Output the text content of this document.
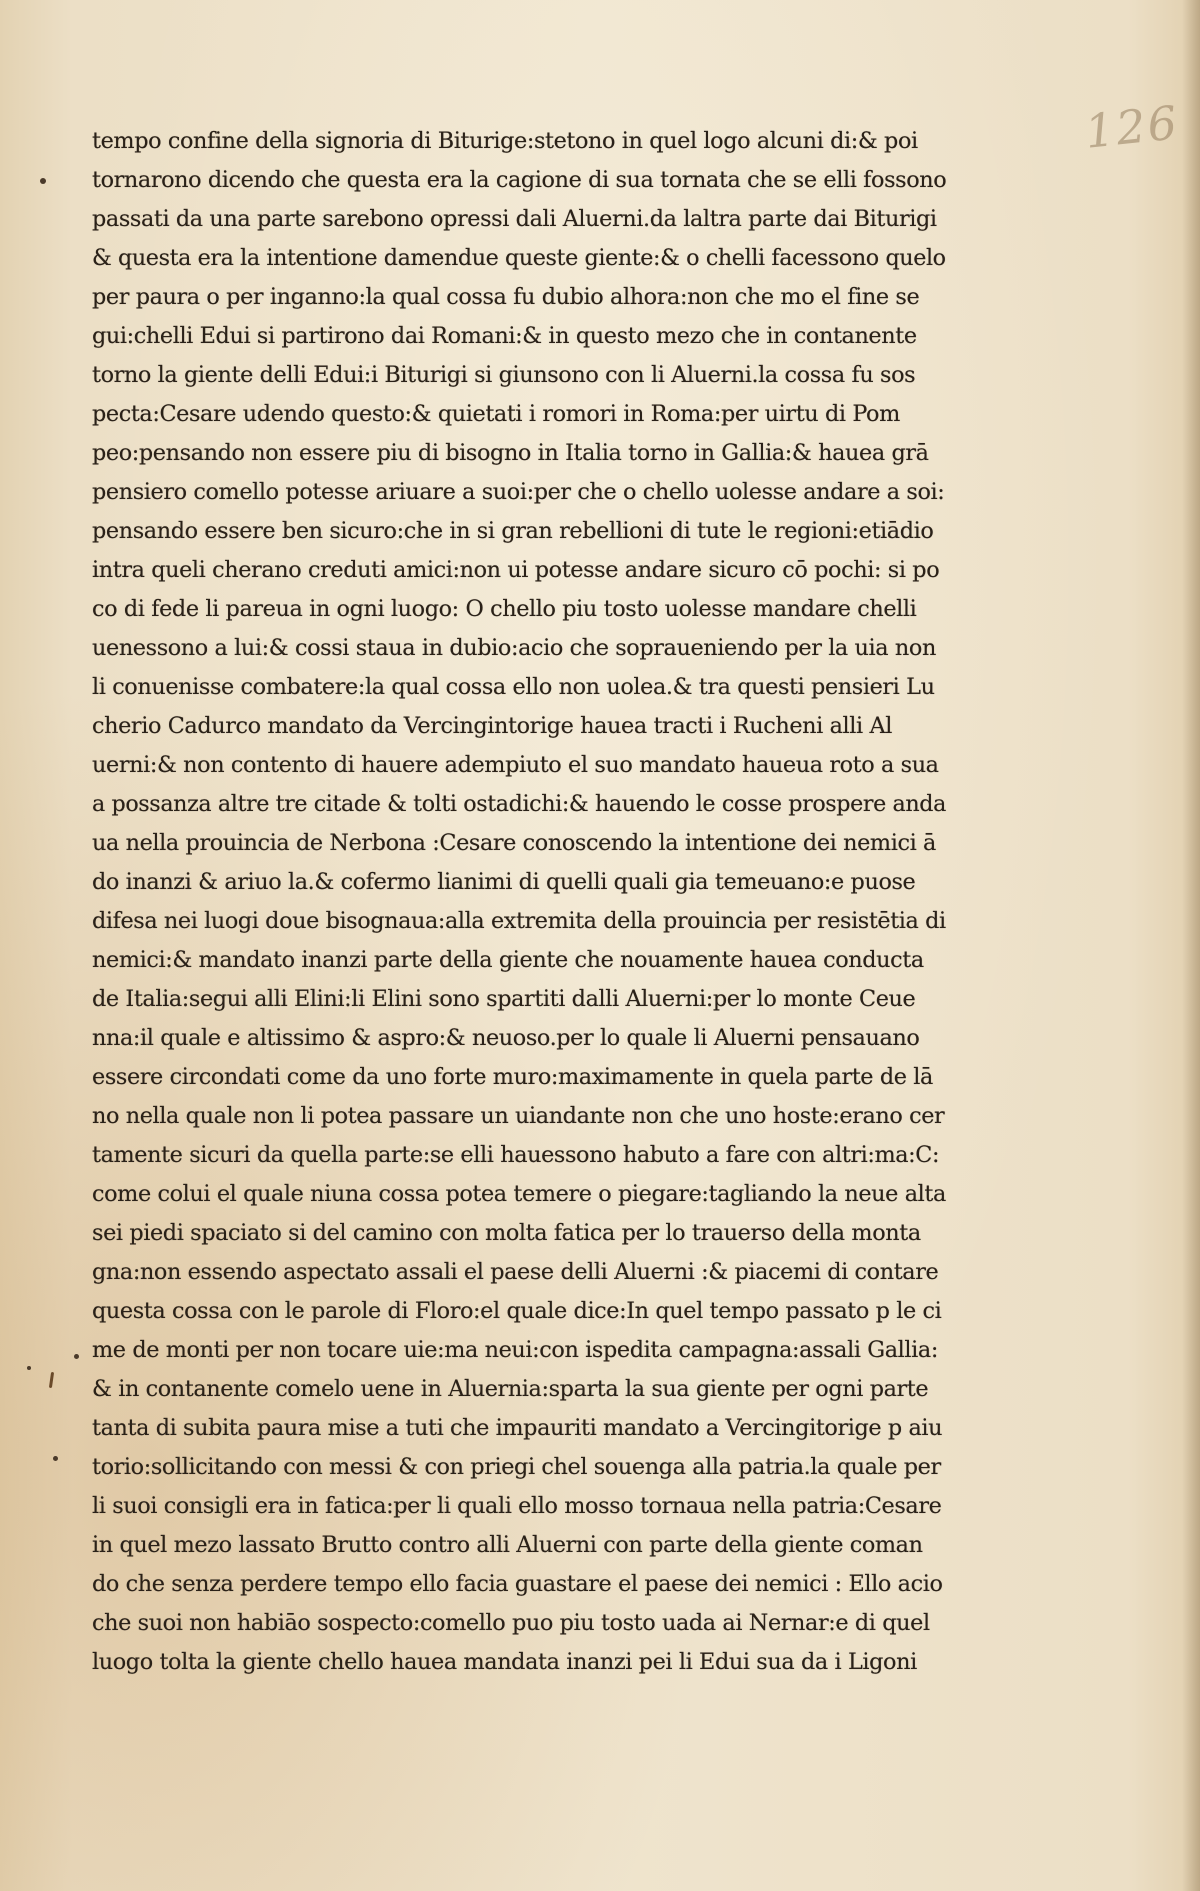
126
tempo confine della signoria di Biturige:stetono in quel logo alcuni di:& poi
tornarono dicendo che questa era la cagione di sua tornata che se elli fossono
passati da una parte sarebono opressi dali Aluerni.da laltra parte dai Biturigi
& questa era la intentione damendue queste giente:& o chelli facessono quelo
per paura o per inganno:la qual cossa fu dubio alhora:non che mo el fine se
gui:chelli Edui si partirono dai Romani:& in questo mezo che in contanente
torno la giente delli Edui:i Biturigi si giunsono con li Aluerni.la cossa fu sos
pecta:Cesare udendo questo:& quietati i romori in Roma:per uirtu di Pom
peo:pensando non essere piu di bisogno in Italia torno in Gallia:& hauea grā
pensiero comello potesse ariuare a suoi:per che o chello uolesse andare a soi:
pensando essere ben sicuro:che in si gran rebellioni di tute le regioni:etiādio
intra queli cherano creduti amici:non ui potesse andare sicuro cō pochi: si po
co di fede li pareua in ogni luogo: O chello piu tosto uolesse mandare chelli
uenessono a lui:& cossi staua in dubio:acio che sopraueniendo per la uia non
li conuenisse combatere:la qual cossa ello non uolea.& tra questi pensieri Lu
cherio Cadurco mandato da Vercingintorige hauea tracti i Rucheni alli Al
uerni:& non contento di hauere adempiuto el suo mandato haueua roto a sua
a possanza altre tre citade & tolti ostadichi:& hauendo le cosse prospere anda
ua nella prouincia de Nerbona :Cesare conoscendo la intentione dei nemici ā
do inanzi & ariuo la.& cofermo lianimi di quelli quali gia temeuano:e puose
difesa nei luogi doue bisognaua:alla extremita della prouincia per resistētia di
nemici:& mandato inanzi parte della giente che nouamente hauea conducta
de Italia:segui alli Elini:li Elini sono spartiti dalli Aluerni:per lo monte Ceue
nna:il quale e altissimo & aspro:& neuoso.per lo quale li Aluerni pensauano
essere circondati come da uno forte muro:maximamente in quela parte de lā
no nella quale non li potea passare un uiandante non che uno hoste:erano cer
tamente sicuri da quella parte:se elli hauessono habuto a fare con altri:ma:C:
come colui el quale niuna cossa potea temere o piegare:tagliando la neue alta
sei piedi spaciato si del camino con molta fatica per lo trauerso della monta
gna:non essendo aspectato assali el paese delli Aluerni :& piacemi di contare
questa cossa con le parole di Floro:el quale dice:In quel tempo passato p le ci
me de monti per non tocare uie:ma neui:con ispedita campagna:assali Gallia:
& in contanente comelo uene in Aluernia:sparta la sua giente per ogni parte
tanta di subita paura mise a tuti che impauriti mandato a Vercingitorige p aiu
torio:sollicitando con messi & con priegi chel souenga alla patria.la quale per
li suoi consigli era in fatica:per li quali ello mosso tornaua nella patria:Cesare
in quel mezo lassato Brutto contro alli Aluerni con parte della giente coman
do che senza perdere tempo ello facia guastare el paese dei nemici : Ello acio
che suoi non habiāo sospecto:comello puo piu tosto uada ai Nernar:e di quel
luogo tolta la giente chello hauea mandata inanzi pei li Edui sua da i Ligoni
